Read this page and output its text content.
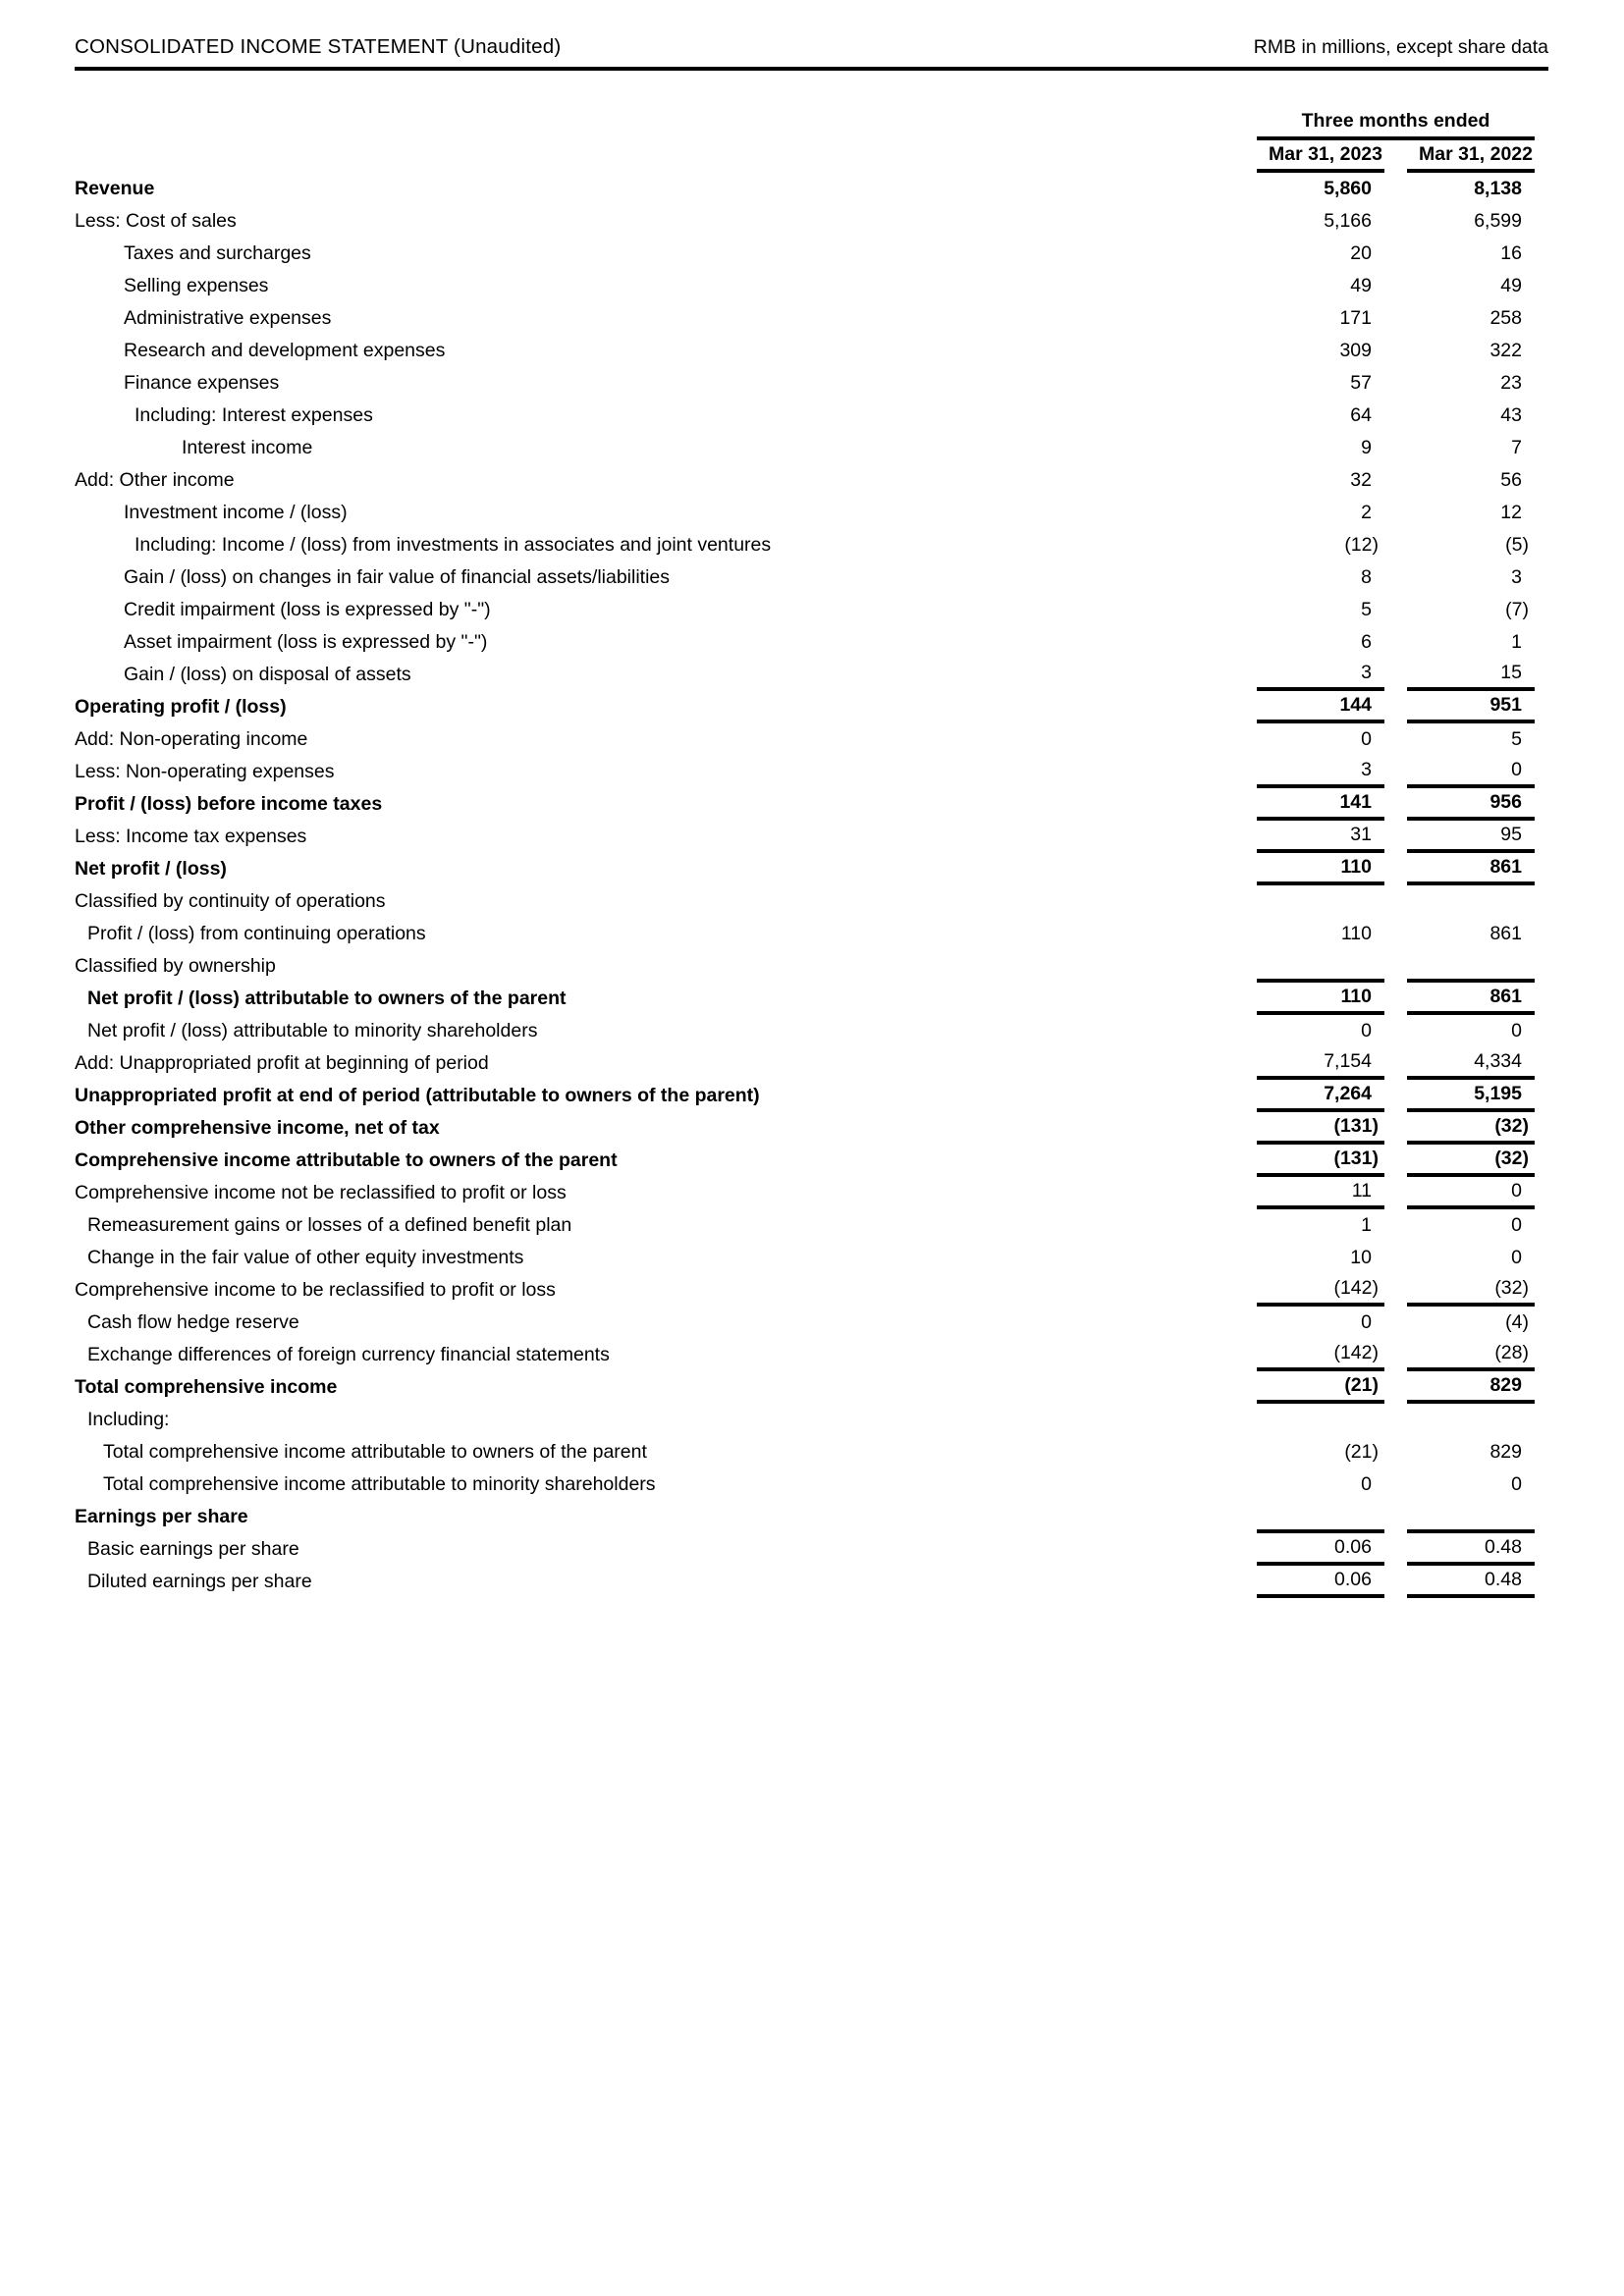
CONSOLIDATED INCOME STATEMENT (Unaudited)	RMB in millions, except share data
Three months ended
Mar 31, 2023	Mar 31, 2022
Revenue	5,860	8,138
Less: Cost of sales	5,166	6,599
Taxes and surcharges	20	16
Selling expenses	49	49
Administrative expenses	171	258
Research and development expenses	309	322
Finance expenses	57	23
Including: Interest expenses	64	43
Interest income	9	7
Add: Other income	32	56
Investment income / (loss)	2	12
Including: Income / (loss) from investments in associates and joint ventures	(12)	(5)
Gain / (loss) on changes in fair value of financial assets/liabilities	8	3
Credit impairment (loss is expressed by "-")	5	(7)
Asset impairment (loss is expressed by "-")	6	1
Gain / (loss) on disposal of assets	3	15
Operating profit / (loss)	144	951
Add: Non-operating income	0	5
Less: Non-operating expenses	3	0
Profit / (loss) before income taxes	141	956
Less: Income tax expenses	31	95
Net profit / (loss)	110	861
Classified by continuity of operations
Profit / (loss) from continuing operations	110	861
Classified by ownership
Net profit / (loss) attributable to owners of the parent	110	861
Net profit / (loss) attributable to minority shareholders	0	0
Add: Unappropriated profit at beginning of period	7,154	4,334
Unappropriated profit at end of period (attributable to owners of the parent)	7,264	5,195
Other comprehensive income, net of tax	(131)	(32)
Comprehensive income attributable to owners of the parent	(131)	(32)
Comprehensive income not be reclassified to profit or loss	11	0
Remeasurement gains or losses of a defined benefit plan	1	0
Change in the fair value of other equity investments	10	0
Comprehensive income to be reclassified to profit or loss	(142)	(32)
Cash flow hedge reserve	0	(4)
Exchange differences of foreign currency financial statements	(142)	(28)
Total comprehensive income	(21)	829
Including:
Total comprehensive income attributable to owners of the parent	(21)	829
Total comprehensive income attributable to minority shareholders	0	0
Earnings per share
Basic earnings per share	0.06	0.48
Diluted earnings per share	0.06	0.48
